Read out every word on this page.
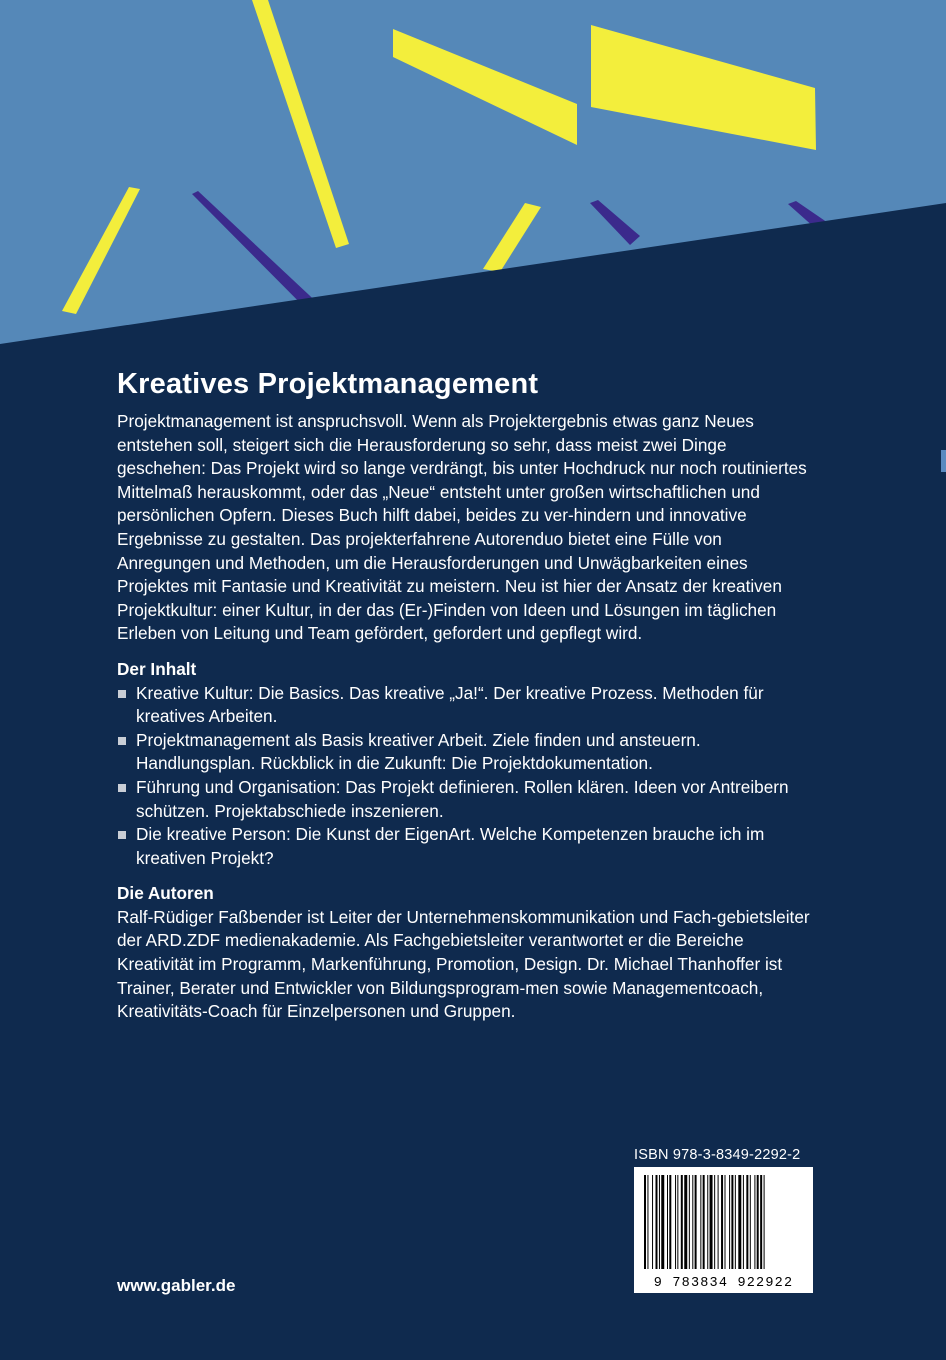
Kreatives Projektmanagement

Projektmanagement ist anspruchsvoll. Wenn als Projektergebnis etwas ganz Neues entstehen soll, steigert sich die Herausforderung so sehr, dass meist zwei Dinge geschehen: Das Projekt wird so lange verdrängt, bis unter Hochdruck nur noch routiniertes Mittelmaß herauskommt, oder das „Neue“ entsteht unter großen wirtschaftlichen und persönlichen Opfern. Dieses Buch hilft dabei, beides zu ver-hindern und innovative Ergebnisse zu gestalten. Das projekterfahrene Autorenduo bietet eine Fülle von Anregungen und Methoden, um die Herausforderungen und Unwägbarkeiten eines Projektes mit Fantasie und Kreativität zu meistern. Neu ist hier der Ansatz der kreativen Projektkultur: einer Kultur, in der das (Er-)Finden von Ideen und Lösungen im täglichen Erleben von Leitung und Team gefördert, gefordert und gepflegt wird.

Der Inhalt
Kreative Kultur: Die Basics. Das kreative „Ja!“. Der kreative Prozess. Methoden für kreatives Arbeiten.
Projektmanagement als Basis kreativer Arbeit. Ziele finden und ansteuern. Handlungsplan. Rückblick in die Zukunft: Die Projektdokumentation.
Führung und Organisation: Das Projekt definieren. Rollen klären. Ideen vor Antreibern schützen. Projektabschiede inszenieren.
Die kreative Person: Die Kunst der EigenArt. Welche Kompetenzen brauche ich im kreativen Projekt?
Die Autoren

Ralf-Rüdiger Faßbender ist Leiter der Unternehmenskommunikation und Fach-gebietsleiter der ARD.ZDF medienakademie. Als Fachgebietsleiter verantwortet er die Bereiche Kreativität im Programm, Markenführung, Promotion, Design. Dr. Michael Thanhoffer ist Trainer, Berater und Entwickler von Bildungsprogram-men sowie Managementcoach, Kreativitäts-Coach für Einzelpersonen und Gruppen.

ISBN 978-3-8349-2292-2
9 783834 922922
www.gabler.de
